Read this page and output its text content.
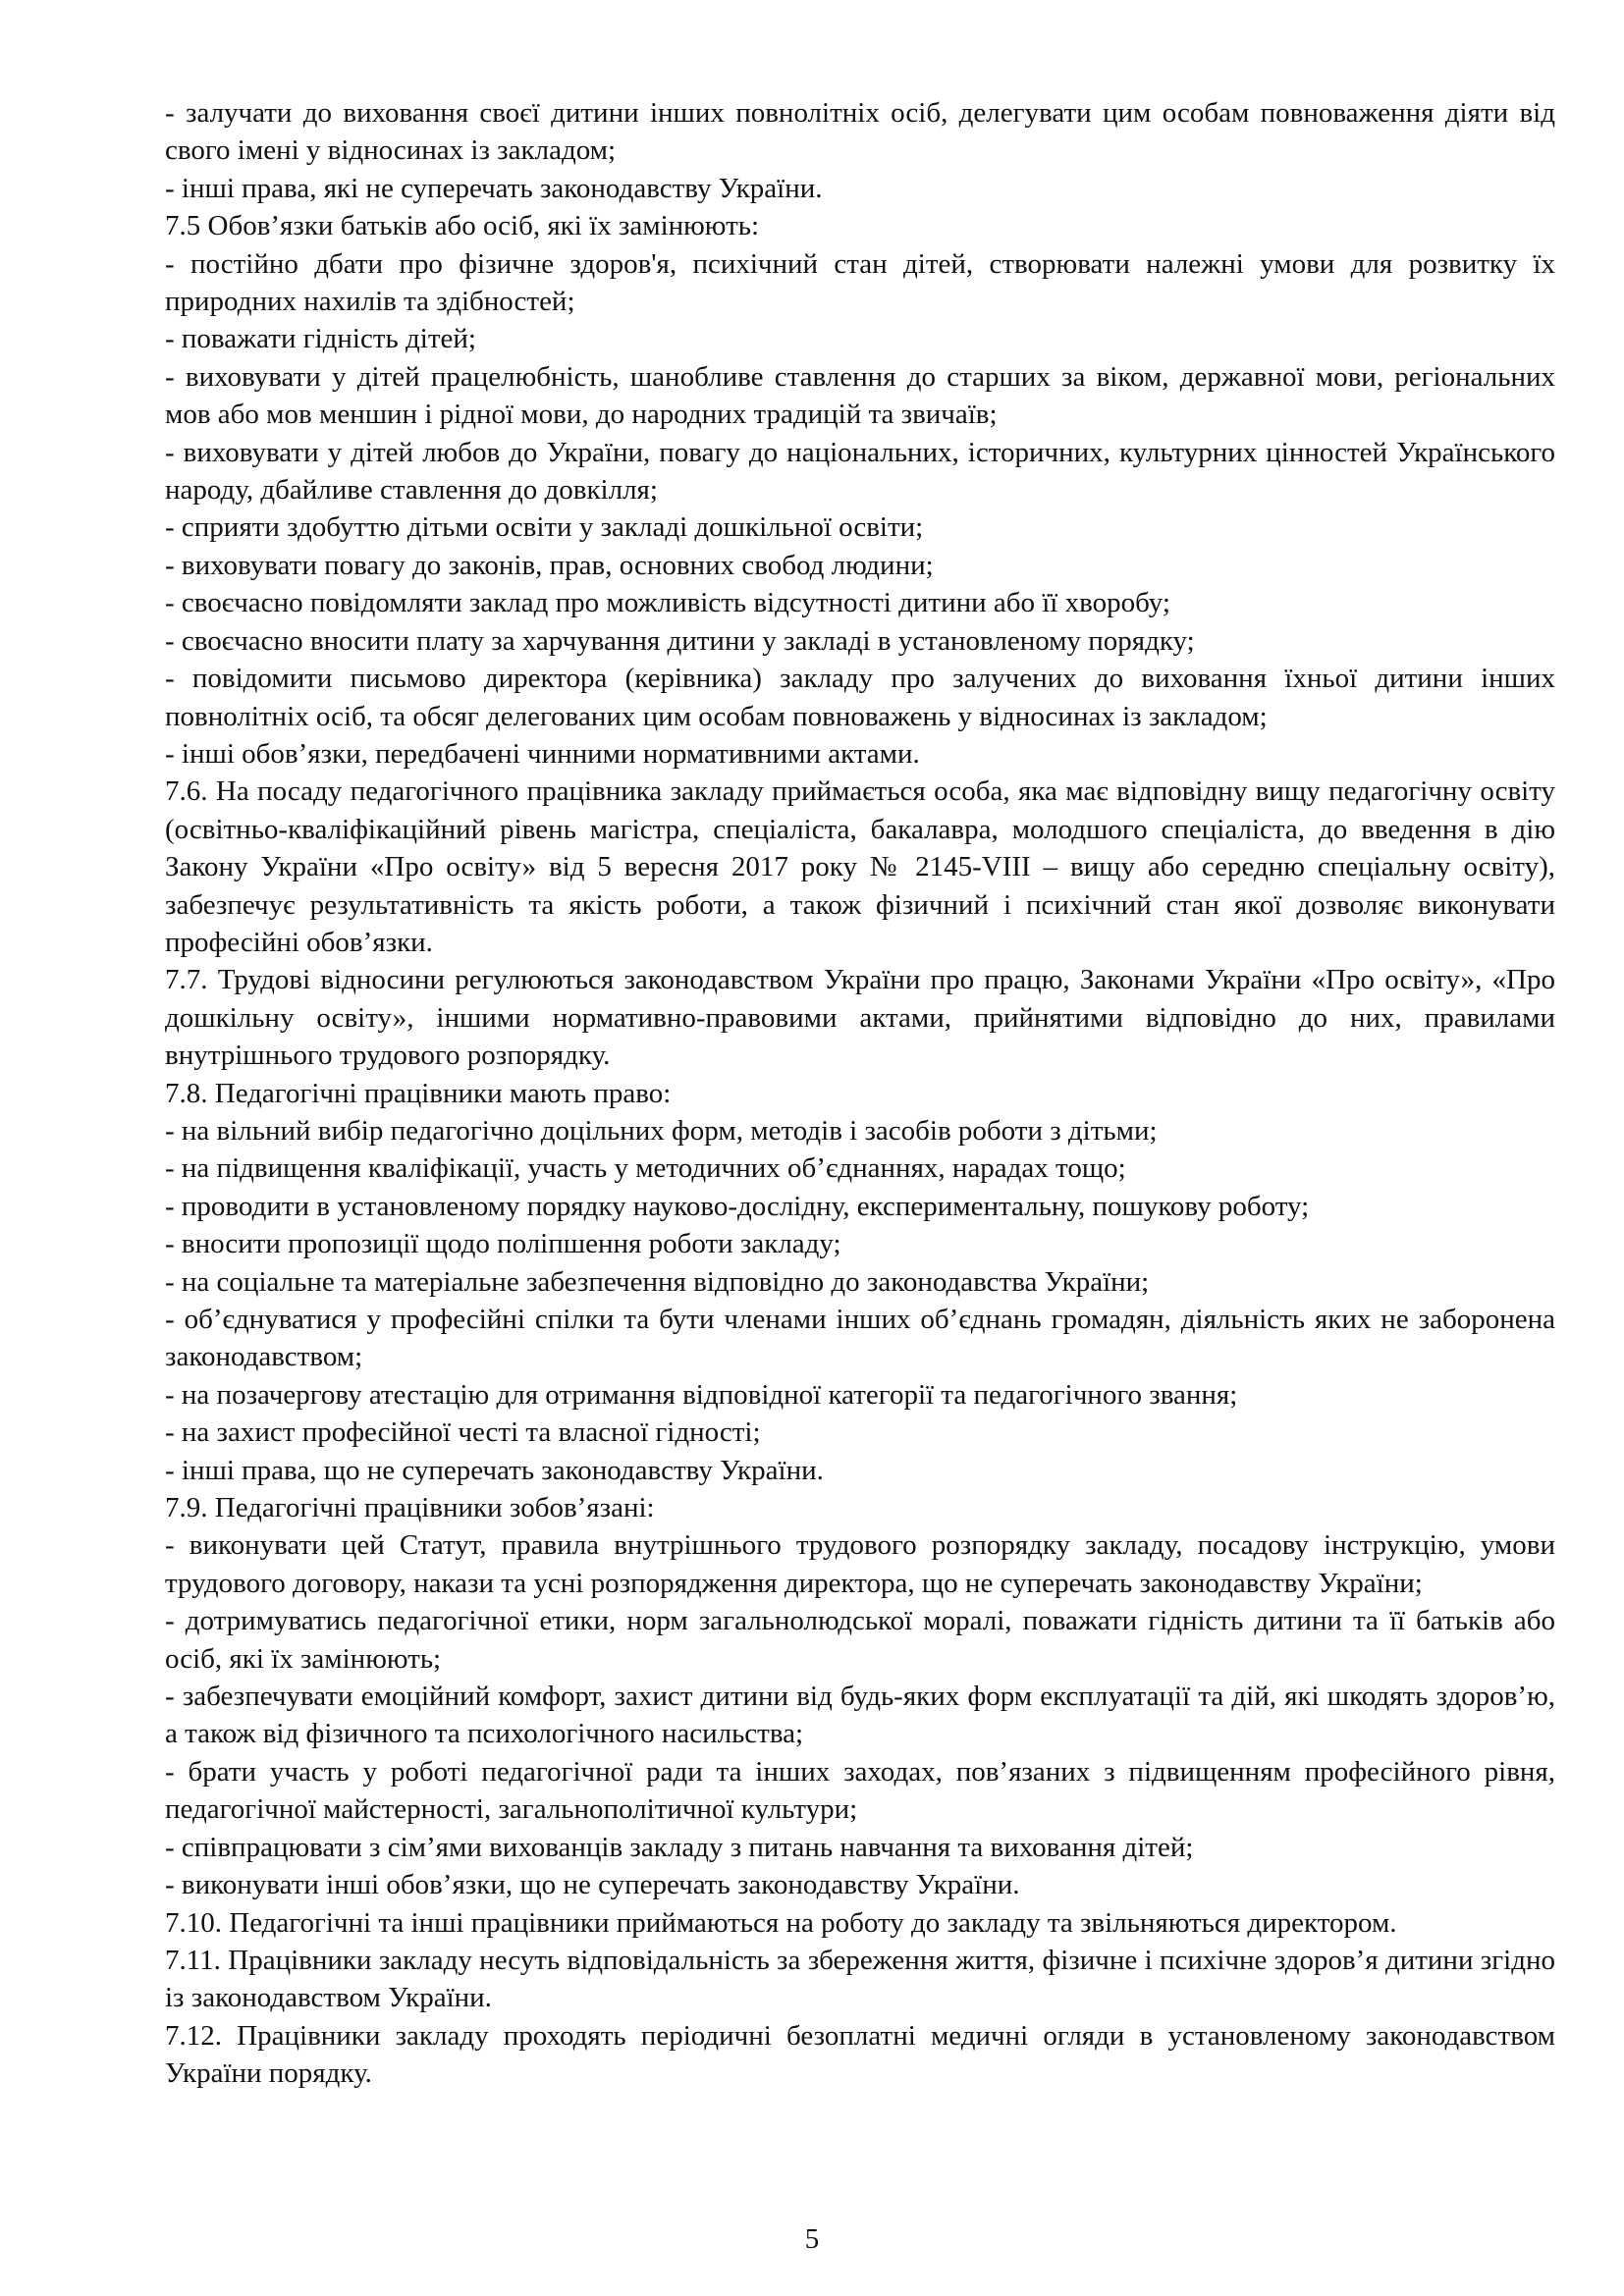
- залучати до виховання своєї дитини інших повнолітніх осіб, делегувати цим особам повноваження діяти від свого імені у відносинах із закладом;

- інші права, які не суперечать законодавству України.

7.5 Обов’язки батьків або осіб, які їх замінюють:

- постійно дбати про фізичне здоров'я, психічний стан дітей, створювати належні умови для розвитку їх природних нахилів та здібностей;

- поважати гідність дітей;

- виховувати у дітей працелюбність, шанобливе ставлення до старших за віком, державної мови, регіональних мов або мов меншин і рідної мови, до народних традицій та звичаїв;

- виховувати у дітей любов до України, повагу до національних, історичних, культурних цінностей Українського народу, дбайливе ставлення до довкілля;

- сприяти здобуттю дітьми освіти у закладі дошкільної освіти;

- виховувати повагу до законів, прав, основних свобод людини;

- своєчасно повідомляти заклад про можливість відсутності дитини або її хворобу;

- своєчасно вносити плату за харчування дитини у закладі в установленому порядку;

- повідомити письмово директора (керівника) закладу про залучених до виховання їхньої дитини інших повнолітніх осіб, та обсяг делегованих цим особам повноважень у відносинах із закладом;

- інші обов’язки, передбачені чинними нормативними актами.

7.6. На посаду педагогічного працівника закладу приймається особа, яка має відповідну вищу педагогічну освіту (освітньо-кваліфікаційний рівень магістра, спеціаліста, бакалавра, молодшого спеціаліста, до введення в дію Закону України «Про освіту» від 5 вересня 2017 року № 2145-VIII – вищу або середню спеціальну освіту), забезпечує результативність та якість роботи, а також фізичний і психічний стан якої дозволяє виконувати професійні обов’язки.

7.7. Трудові відносини регулюються законодавством України про працю, Законами України «Про освіту», «Про дошкільну освіту», іншими нормативно-правовими актами, прийнятими відповідно до них, правилами внутрішнього трудового розпорядку.

7.8. Педагогічні працівники мають право:

- на вільний вибір педагогічно доцільних форм, методів і засобів роботи з дітьми;

- на підвищення кваліфікації, участь у методичних об’єднаннях, нарадах тощо;

- проводити в установленому порядку науково-дослідну, експериментальну, пошукову роботу;

- вносити пропозиції щодо поліпшення роботи закладу;

- на соціальне та матеріальне забезпечення відповідно до законодавства України;

- об’єднуватися у професійні спілки та бути членами інших об’єднань громадян, діяльність яких не заборонена законодавством;

- на позачергову атестацію для отримання відповідної категорії та педагогічного звання;

- на захист професійної честі та власної гідності;

- інші права, що не суперечать законодавству України.

7.9. Педагогічні працівники зобов’язані:

- виконувати цей Статут, правила внутрішнього трудового розпорядку закладу, посадову інструкцію, умови трудового договору, накази та усні розпорядження директора, що не суперечать законодавству України;

- дотримуватись педагогічної етики, норм загальнолюдської моралі, поважати гідність дитини та її батьків або осіб, які їх замінюють;

- забезпечувати емоційний комфорт, захист дитини від будь-яких форм експлуатації та дій, які шкодять здоров’ю, а також від фізичного та психологічного насильства;

- брати участь у роботі педагогічної ради та інших заходах, пов’язаних з підвищенням професійного рівня, педагогічної майстерності, загальнополітичної культури;

- співпрацювати з сім’ями вихованців закладу з питань навчання та виховання дітей;

- виконувати інші обов’язки, що не суперечать законодавству України.

7.10. Педагогічні та інші працівники приймаються на роботу до закладу та звільняються директором.

7.11. Працівники закладу несуть відповідальність за збереження життя, фізичне і психічне здоров’я дитини згідно із законодавством України.

7.12. Працівники закладу проходять періодичні безоплатні медичні огляди в установленому законодавством України порядку.

5
